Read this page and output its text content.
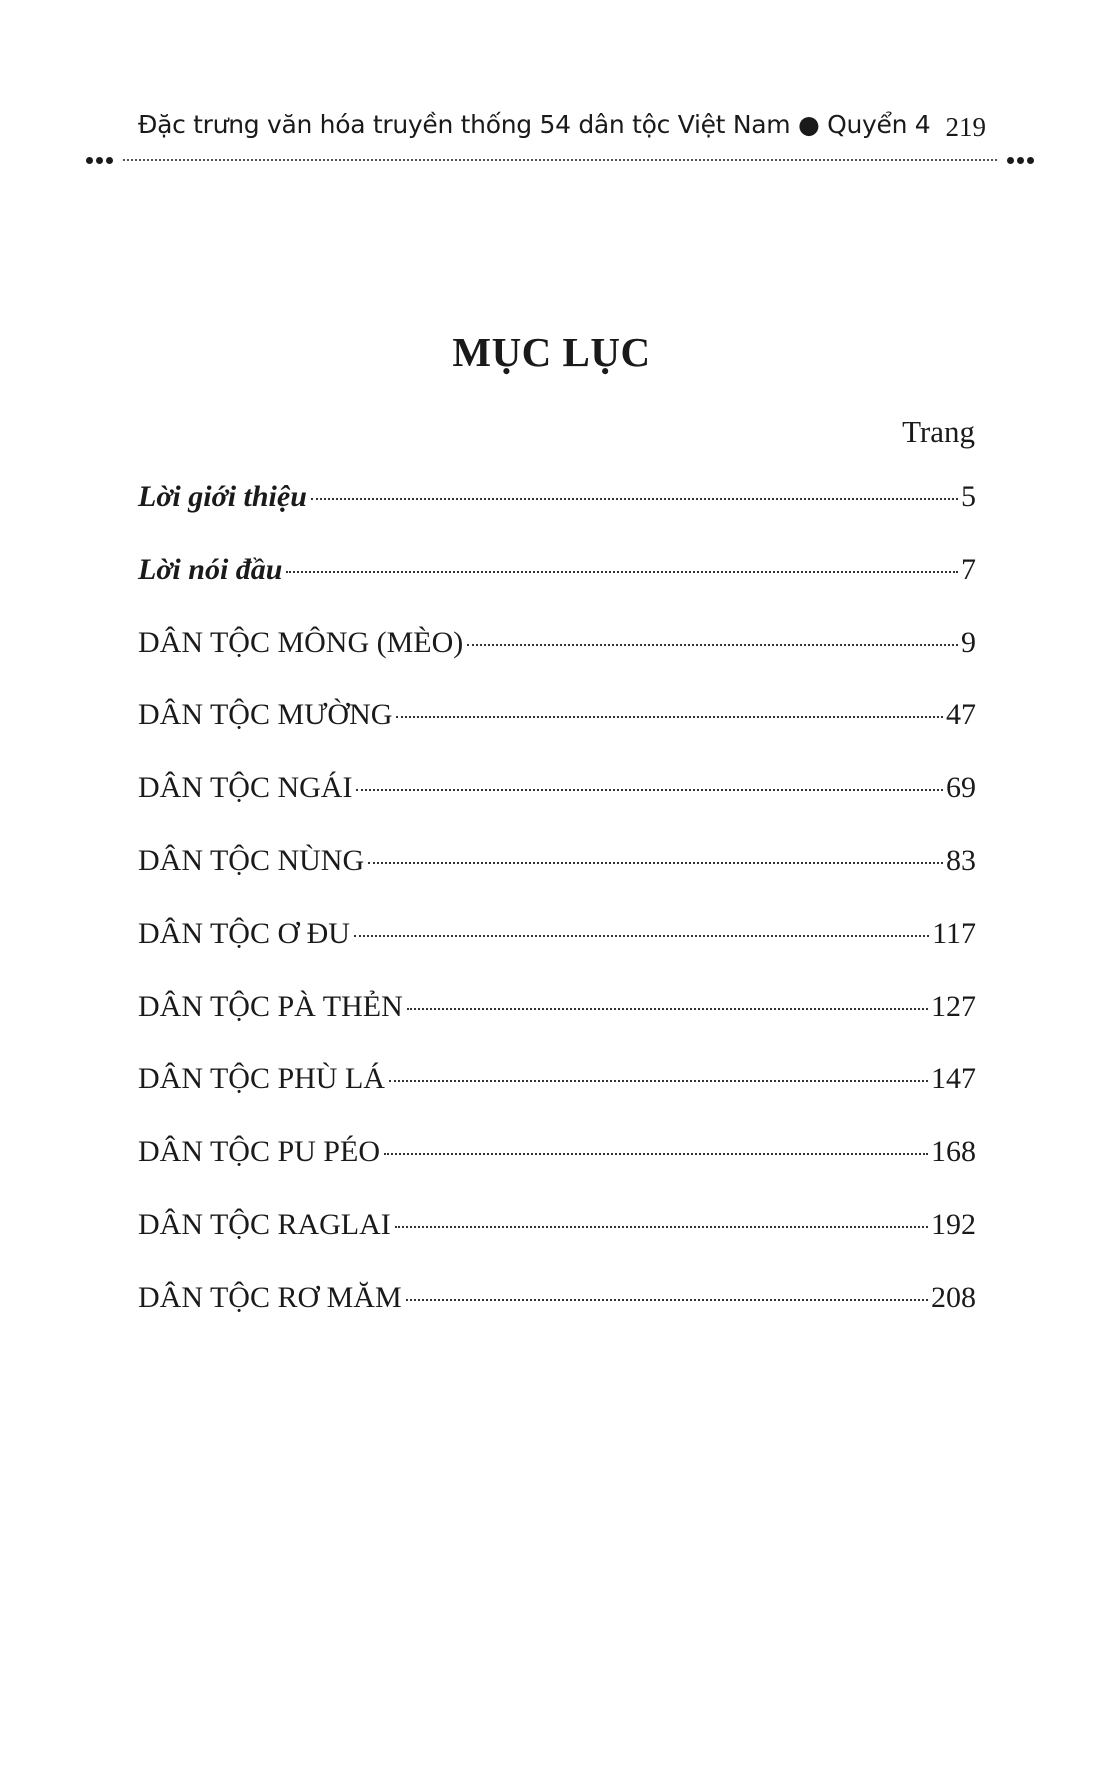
Đặc trưng văn hóa truyền thống 54 dân tộc Việt Nam ● Quyển 4 219
MỤC LỤC
Trang
Lời giới thiệu	5
Lời nói đầu	7
DÂN TỘC MÔNG (MÈO)	9
DÂN TỘC MƯỜNG	47
DÂN TỘC NGÁI	69
DÂN TỘC NÙNG	83
DÂN TỘC Ơ ĐU	117
DÂN TỘC PÀ THẺN	127
DÂN TỘC PHÙ LÁ	147
DÂN TỘC PU PÉO	168
DÂN TỘC RAGLAI	192
DÂN TỘC RƠ MĂM	208
